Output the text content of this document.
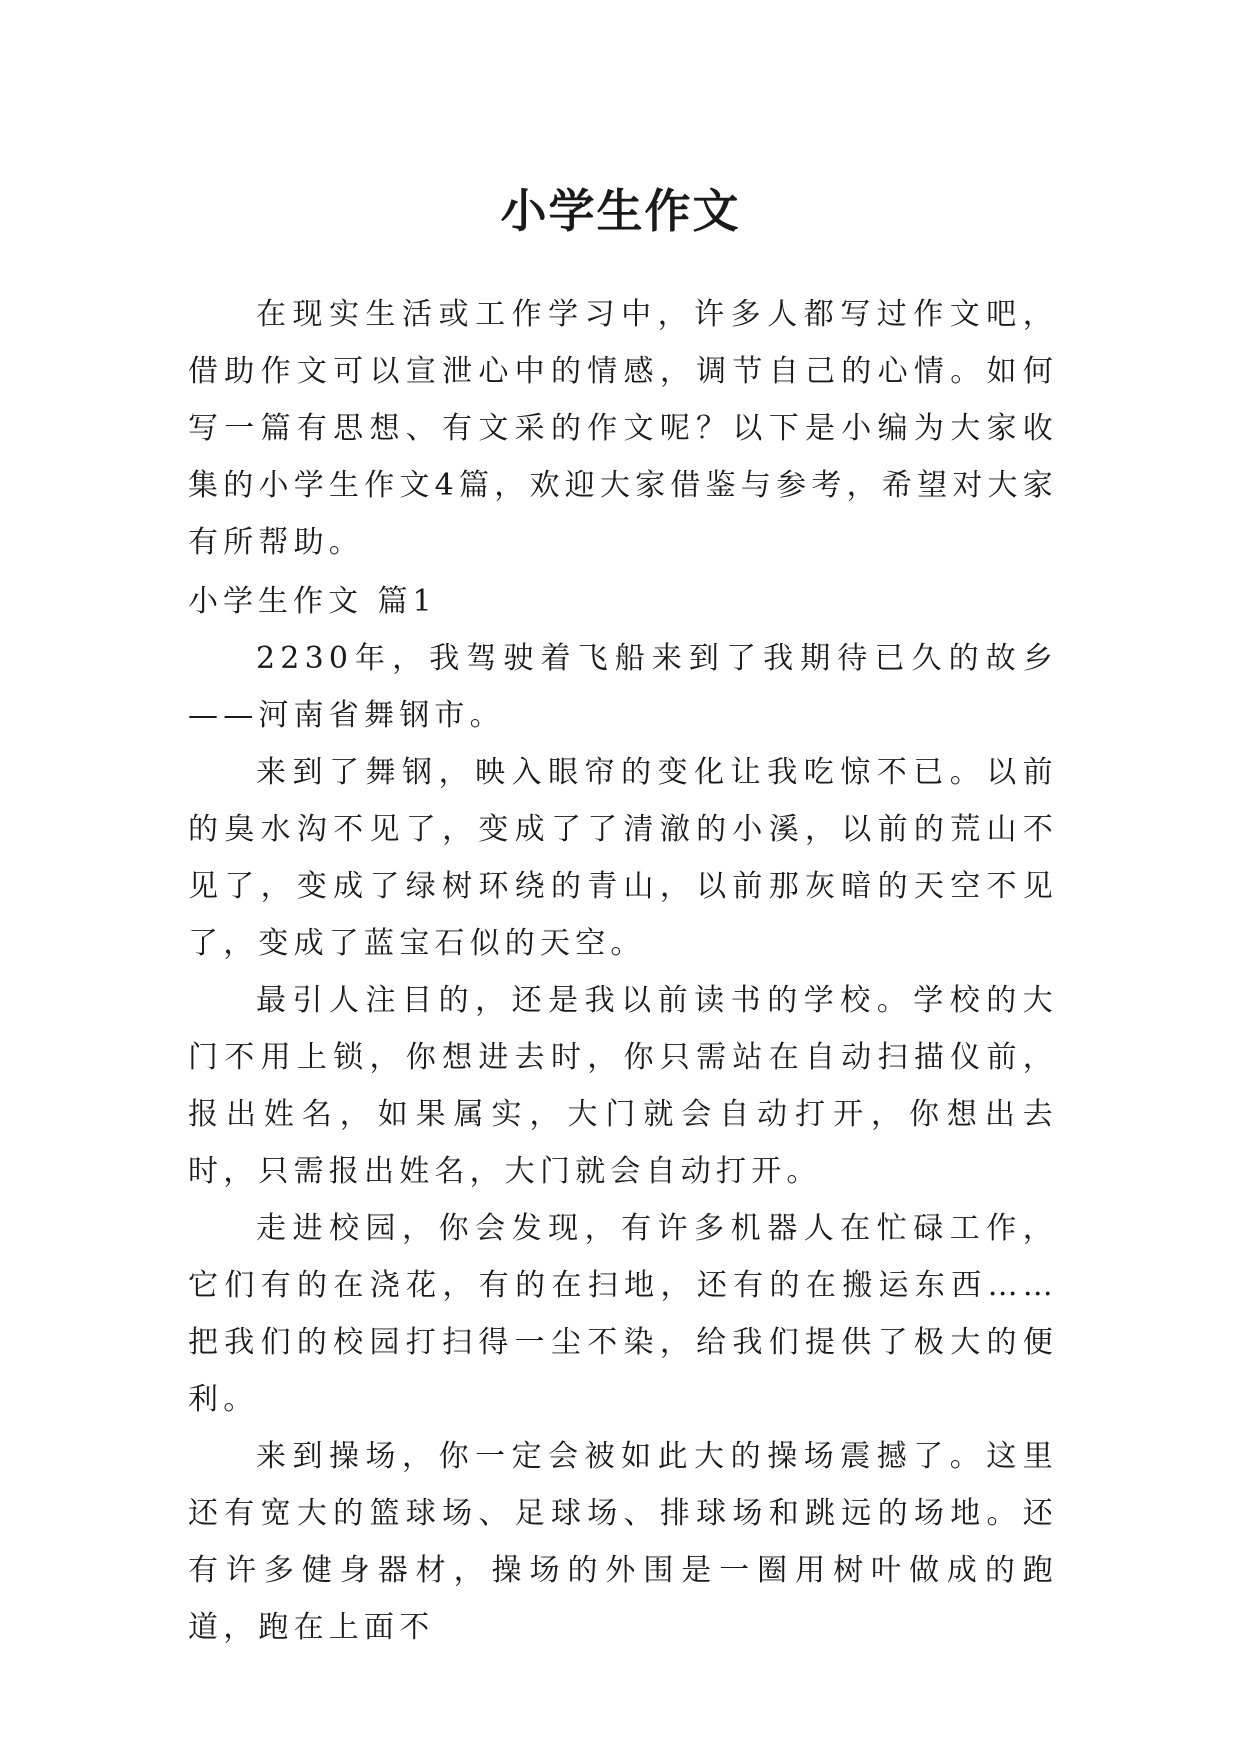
小学生作文

在现实生活或工作学习中，许多人都写过作文吧，借助作文可以宣泄心中的情感，调节自己的心情。如何写一篇有思想、有文采的作文呢？以下是小编为大家收集的小学生作文4篇，欢迎大家借鉴与参考，希望对大家有所帮助。

小学生作文 篇1

2230年，我驾驶着飞船来到了我期待已久的故乡——河南省舞钢市。

来到了舞钢，映入眼帘的变化让我吃惊不已。以前的臭水沟不见了，变成了了清澈的小溪，以前的荒山不见了，变成了绿树环绕的青山，以前那灰暗的天空不见了，变成了蓝宝石似的天空。

最引人注目的，还是我以前读书的学校。学校的大门不用上锁，你想进去时，你只需站在自动扫描仪前，报出姓名，如果属实，大门就会自动打开，你想出去时，只需报出姓名，大门就会自动打开。

走进校园，你会发现，有许多机器人在忙碌工作，它们有的在浇花，有的在扫地，还有的在搬运东西……把我们的校园打扫得一尘不染，给我们提供了极大的便利。

来到操场，你一定会被如此大的操场震撼了。这里还有宽大的篮球场、足球场、排球场和跳远的场地。还有许多健身器材，操场的外围是一圈用树叶做成的跑道，跑在上面不
